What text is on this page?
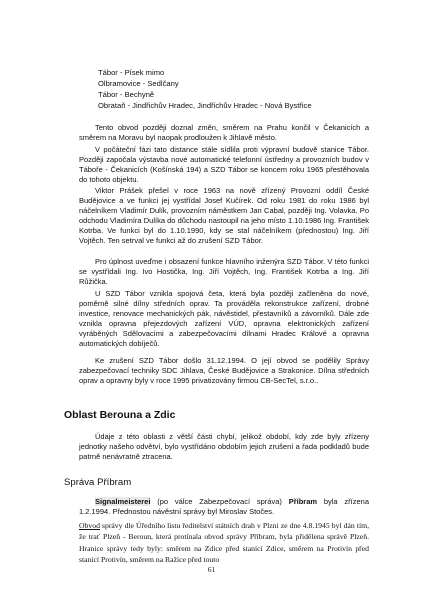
Tábor - Písek mimo
Olbramovice - Sedlčany
Tábor - Bechyně
Obrataň - Jindřichův Hradec, Jindřichův Hradec - Nová Bystřice

Tento obvod později doznal změn, směrem na Prahu končil v Čekanicích a směrem na Moravu byl naopak prodloužen k Jihlavě město.

V počáteční fázi tato distance stále sídlila proti výpravní budově stanice Tábor. Později započala výstavba nové automatické telefonní ústředny a provozních budov v Táboře - Čekanicích (Košínská 194) a SZD Tábor se koncem roku 1965 přestěhovala do tohoto objektu.

Viktor Prášek přešel v roce 1963 na nově zřízený Provozní oddíl České Budějovice a ve funkci jej vystřídal Josef Kučírek. Od roku 1981 do roku 1986 byl náčelníkem Vladimír Dulík, provozním náměstkem Jan Cabal, později Ing. Volavka. Po odchodu Vladimíra Dulíka do důchodu nastoupil na jeho místo 1.10.1986 Ing. František Kotrba. Ve funkci byl do 1.10.1990, kdy se stal náčelníkem (přednostou) Ing. Jiří Vojtěch. Ten setrval ve funkci až do zrušení SZD Tábor.

Pro úplnost uveďme i obsazení funkce hlavního inženýra SZD Tábor. V této funkci se vystřídali Ing. Ivo Hostička, Ing. Jiří Vojtěch, Ing. František Kotrba a Ing. Jiří Růžička.

U SZD Tábor vznikla spojová četa, která byla později začleněna do nové, poměrně silné dílny středních oprav. Ta prováděla rekonstrukce zařízení, drobné investice, renovace mechanických pák, návěstidel, přestavníků a závorníků. Dále zde vznikla opravna přejezdových zařízení VÚD, opravna elektronických zařízení vyráběných Sdělovacími a zabezpečovacími dílnami Hradec Králové a opravna automatických dobíječů.

Ke zrušení SZD Tábor došlo 31.12.1994. O její obvod se podělily Správy zabezpečovací techniky SDC Jihlava, České Budějovice a Strakonice. Dílna středních oprav a opravny byly v roce 1995 privatizovány firmou CB-SecTel, s.r.o..

Oblast Berouna a Zdic

Údaje z této oblasti z větší části chybí, jelikož období, kdy zde byly zřízeny jednotky našeho odvětví, bylo vystřídáno obdobím jejich zrušení a řada podkladů bude patrně nenávratně ztracena.

Správa Příbram

Signalmeisterei (po válce Zabezpečovací správa) Příbram byla zřízena 1.2.1994. Přednostou návěstní správy byl Miroslav Stočes.

Obvod správy dle Úředního listu ředitelství státních drah v Plzni ze dne 4.8.1945 byl dán tím, že trať Plzeň - Beroun, která protínala obvod správy Příbram, byla přidělena správě Plzeň. Hranice správy tedy byly: směrem na Zdice před stanicí Zdice, směrem na Protivín před stanicí Protivín, směrem na Ražice před touto

61
